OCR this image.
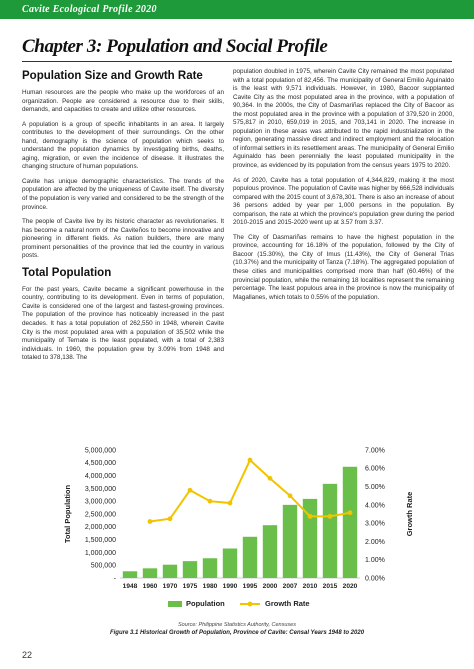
Cavite Ecological Profile 2020
Chapter 3: Population and Social Profile
Population Size and Growth Rate

Human resources are the people who make up the workforces of an organization. People are considered a resource due to their skills, demands, and capacities to create and utilize other resources.

A population is a group of specific inhabitants in an area. It largely contributes to the development of their surroundings. On the other hand, demography is the science of population which seeks to understand the population dynamics by investigating births, deaths, aging, migration, or even the incidence of disease. It illustrates the changing structure of human populations.

Cavite has unique demographic characteristics. The trends of the population are affected by the uniqueness of Cavite itself. The diversity of the population is very varied and considered to be the strength of the province.

The people of Cavite live by its historic character as revolutionaries. It has become a natural norm of the Caviteños to become innovative and pioneering in different fields. As nation builders, there are many prominent personalities of the province that led the country in various posts.

Total Population

For the past years, Cavite became a significant powerhouse in the country, contributing to its development. Even in terms of population, Cavite is considered one of the largest and fastest-growing provinces. The population of the province has noticeably increased in the past decades. It has a total population of 262,550 in 1948, wherein Cavite City is the most populated area with a population of 35,502 while the municipality of Ternate is the least populated, with a total of 2,383 individuals. In 1960, the population grew by 3.09% from 1948 and totaled to 378,138. The

population doubled in 1975, wherein Cavite City remained the most populated with a total population of 82,456. The municipality of General Emilio Aguinaldo is the least with 9,571 individuals. However, in 1980, Bacoor supplanted Cavite City as the most populated area in the province, with a population of 90,364. In the 2000s, the City of Dasmariñas replaced the City of Bacoor as the most populated area in the province with a population of 379,520 in 2000, 575,817 in 2010, 659,019 in 2015, and 703,141 in 2020. The increase in population in these areas was attributed to the rapid industrialization in the region, generating massive direct and indirect employment and the relocation of informal settlers in its resettlement areas. The municipality of General Emilio Aguinaldo has been perennially the least populated municipality in the province, as evidenced by its population from the census years 1975 to 2020.

As of 2020, Cavite has a total population of 4,344,829, making it the most populous province. The population of Cavite was higher by 666,528 individuals compared with the 2015 count of 3,678,301. There is also an increase of about 36 persons added by year per 1,000 persons in the population. By comparison, the rate at which the province's population grew during the period 2010-2015 and 2015-2020 went up at 3.57 from 3.37.

The City of Dasmariñas remains to have the highest population in the province, accounting for 16.18% of the population, followed by the City of Bacoor (15.30%), the City of Imus (11.43%), the City of General Trias (10.37%) and the municipality of Tanza (7.18%). The aggregated population of these cities and municipalities comprised more than half (60.46%) of the provincial population, while the remaining 18 localities represent the remaining percentage. The least populous area in the province is now the municipality of Magallanes, which totals to 0.55% of the population.

-
500,000
1,000,000
1,500,000
2,000,000
2,500,000
3,000,000
3,500,000
4,000,000
4,500,000
5,000,000
0.00%
1.00%
2.00%
3.00%
4.00%
5.00%
6.00%
7.00%
Total Population	Growth Rate
1948 1960 1970 1975 1980 1990 1995 2000 2007 2010 2015 2020
Population	Growth Rate
Source: Philippine Statistics Authority, Censuses
Figure 3.1 Historical Growth of Population, Province of Cavite: Censal Years 1948 to 2020
22
